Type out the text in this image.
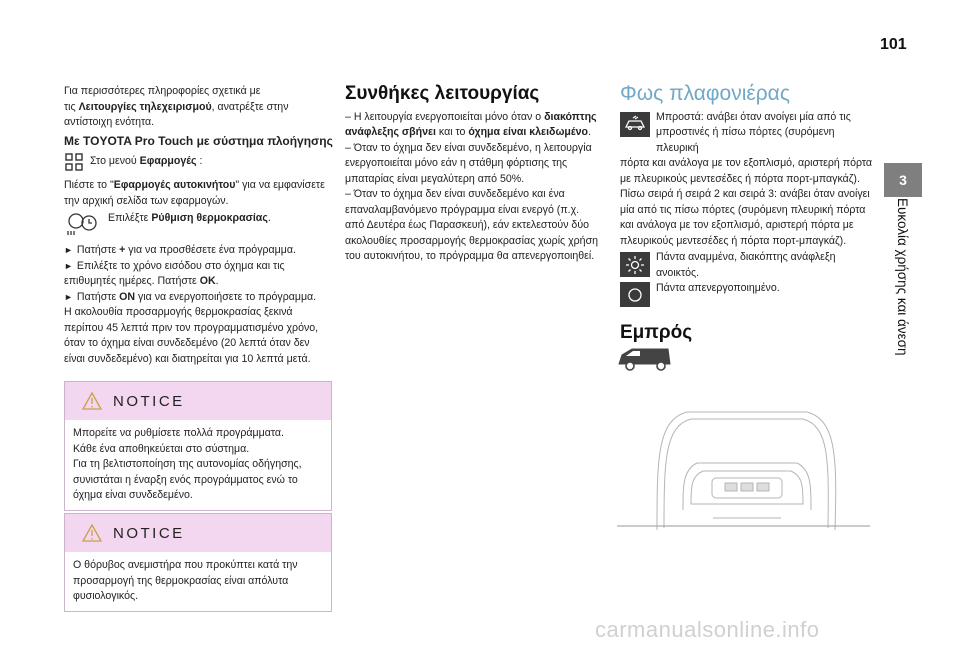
101
3
Ευκολία χρήσης και άνεση

Για περισσότερες πληροφορίες σχετικά με

τις Λειτουργίες τηλεχειρισμού, ανατρέξτε στην

αντίστοιχη ενότητα.

Με TOYOTA Pro Touch με σύστημα πλοήγησης

Στο μενού Εφαρμογές :

Πιέστε το "Εφαρμογές αυτοκινήτου" για να εμφανίσετε

την αρχική σελίδα των εφαρμογών.

Επιλέξτε Ρύθμιση θερμοκρασίας.

► Πατήστε + για να προσθέσετε ένα πρόγραμμα.

► Επιλέξτε το χρόνο εισόδου στο όχημα και τις

επιθυμητές ημέρες. Πατήστε OK.

► Πατήστε ON για να ενεργοποιήσετε το πρόγραμμα.

Η ακολουθία προσαρμογής θερμοκρασίας ξεκινά

περίπου 45 λεπτά πριν τον προγραμματισμένο χρόνο,

όταν το όχημα είναι συνδεδεμένο (20 λεπτά όταν δεν

είναι συνδεδεμένο) και διατηρείται για 10 λεπτά μετά.

NOTICE

Μπορείτε να ρυθμίσετε πολλά προγράμματα.

Κάθε ένα αποθηκεύεται στο σύστημα.

Για τη βελτιστοποίηση της αυτονομίας οδήγησης,

συνιστάται η έναρξη ενός προγράμματος ενώ το

όχημα είναι συνδεδεμένο.

NOTICE

Ο θόρυβος ανεμιστήρα που προκύπτει κατά την

προσαρμογή της θερμοκρασίας είναι απόλυτα

φυσιολογικός.

Συνθήκες λειτουργίας

– Η λειτουργία ενεργοποιείται μόνο όταν ο διακόπτης

ανάφλεξης σβήνει και το όχημα είναι κλειδωμένο.

– Όταν το όχημα δεν είναι συνδεδεμένο, η λειτουργία

ενεργοποιείται μόνο εάν η στάθμη φόρτισης της

μπαταρίας είναι μεγαλύτερη από 50%.

– Όταν το όχημα δεν είναι συνδεδεμένο και ένα

επαναλαμβανόμενο πρόγραμμα είναι ενεργό (π.χ.

από Δευτέρα έως Παρασκευή), εάν εκτελεστούν δύο

ακολουθίες προσαρμογής θερμοκρασίας χωρίς χρήση

του αυτοκινήτου, το πρόγραμμα θα απενεργοποιηθεί.

Φως πλαφονιέρας

Μπροστά: ανάβει όταν ανοίγει μία από τις

μπροστινές ή πίσω πόρτες (συρόμενη πλευρική

πόρτα και ανάλογα με τον εξοπλισμό, αριστερή πόρτα

με πλευρικούς μεντεσέδες ή πόρτα πορτ-μπαγκάζ).

Πίσω σειρά ή σειρά 2 και σειρά 3: ανάβει όταν ανοίγει

μία από τις πίσω πόρτες (συρόμενη πλευρική πόρτα

και ανάλογα με τον εξοπλισμό, αριστερή πόρτα με

πλευρικούς μεντεσέδες ή πόρτα πορτ-μπαγκάζ).

Πάντα αναμμένα, διακόπτης ανάφλεξη

ανοικτός.

Πάντα απενεργοποιημένο.

Εμπρός

carmanualsonline.info
